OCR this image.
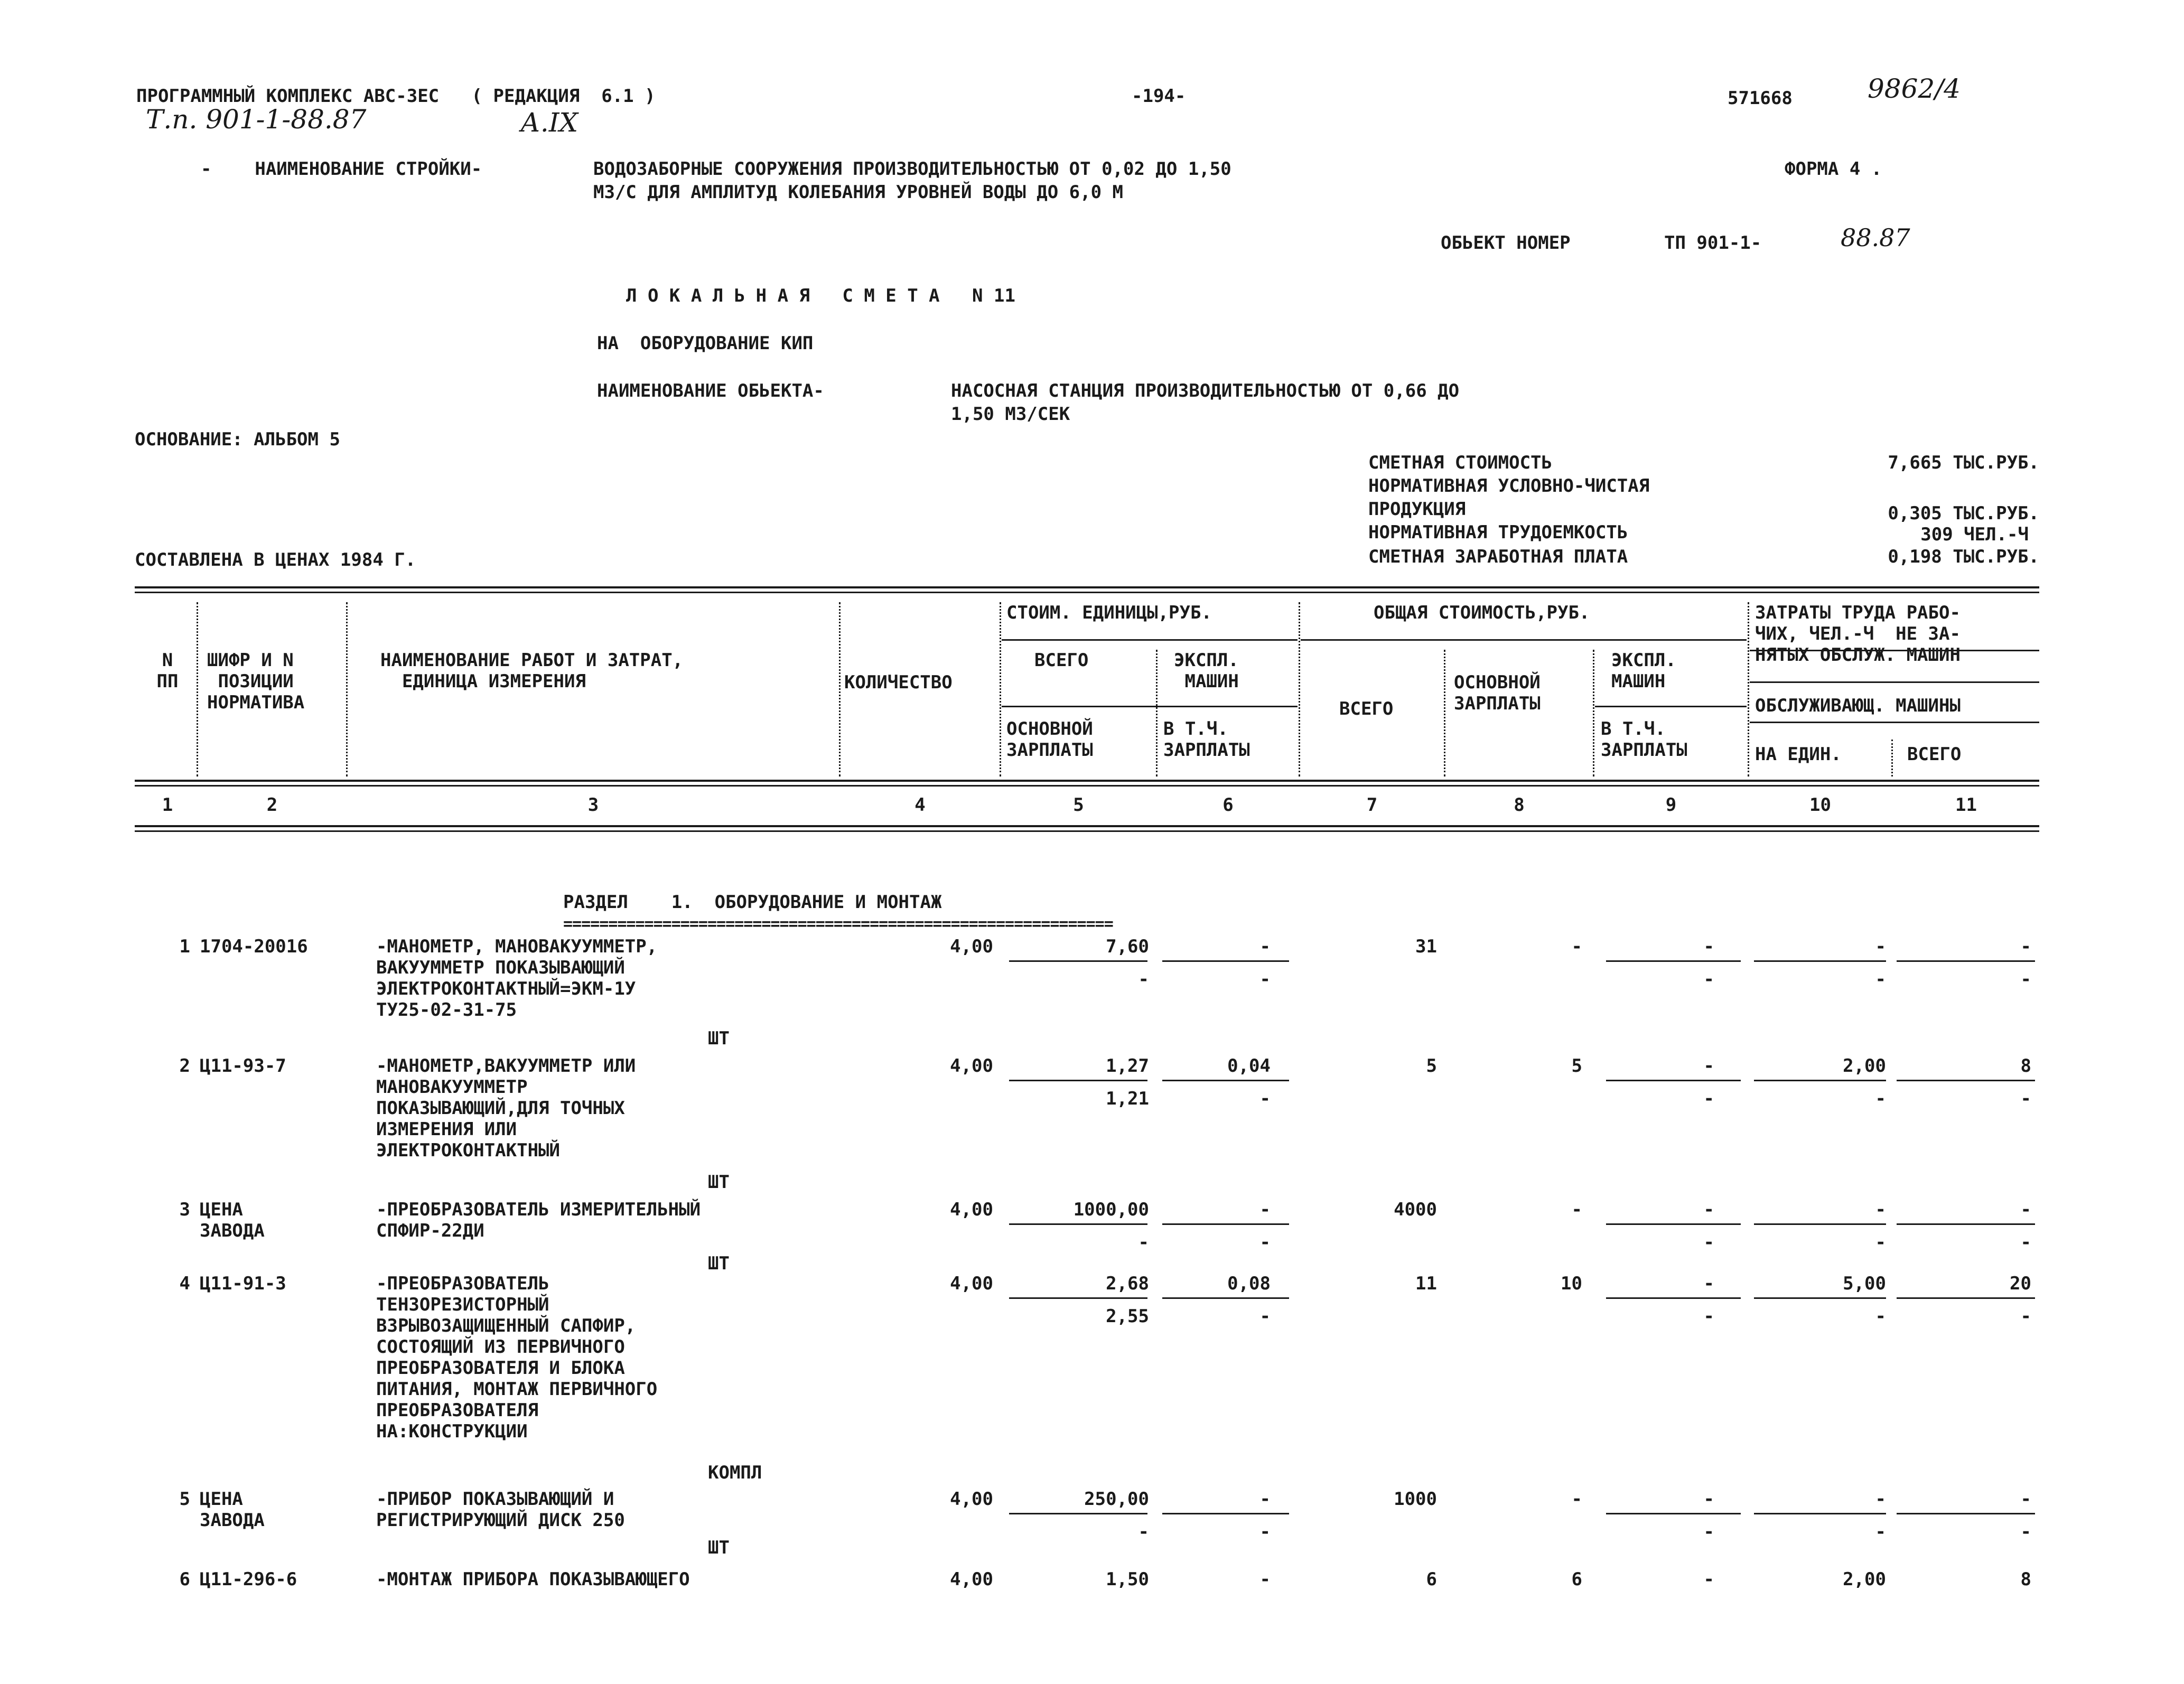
ПРОГРАММНЫЙ КОМПЛЕКС АВС-3ЕС   ( РЕДАКЦИЯ  6.1 )	-194-	571668	9862/4
Т.п. 901-1-88.87	А.IX
-    НАИМЕНОВАНИЕ СТРОЙКИ-	ВОДОЗАБОРНЫЕ СООРУЖЕНИЯ ПРОИЗВОДИТЕЛЬНОСТЬЮ ОТ 0,02 ДО 1,50
М3/С ДЛЯ АМПЛИТУД КОЛЕБАНИЯ УРОВНЕЙ ВОДЫ ДО 6,0 М
ФОРМА 4 .
ОБЬЕКТ НОМЕР	ТП 901-1-	88.87
Л О К А Л Ь Н А Я   С М Е Т А   N 11
НА  ОБОРУДОВАНИЕ КИП
НАИМЕНОВАНИЕ ОБЬЕКТА-	НАСОСНАЯ СТАНЦИЯ ПРОИЗВОДИТЕЛЬНОСТЬЮ ОТ 0,66 ДО
1,50 М3/СЕК
ОСНОВАНИЕ: АЛЬБОМ 5
СОСТАВЛЕНА В ЦЕНАХ 1984 Г.
СМЕТНАЯ СТОИМОСТЬ	7,665 ТЫС.РУБ.
НОРМАТИВНАЯ УСЛОВНО-ЧИСТАЯ
ПРОДУКЦИЯ	0,305 ТЫС.РУБ.
НОРМАТИВНАЯ ТРУДОЕМКОСТЬ	309 ЧЕЛ.-Ч
СМЕТНАЯ ЗАРАБОТНАЯ ПЛАТА	0,198 ТЫС.РУБ.
N
ПП
ШИФР И N
ПОЗИЦИИ
НОРМАТИВА
НАИМЕНОВАНИЕ РАБОТ И ЗАТРАТ,
ЕДИНИЦА ИЗМЕРЕНИЯ	КОЛИЧЕСТВО
СТОИМ. ЕДИНИЦЫ,РУБ.
ВСЕГО	ЭКСПЛ.
МАШИН
ОСНОВНОЙ
ЗАРПЛАТЫ
В Т.Ч.
ЗАРПЛАТЫ
ОБЩАЯ СТОИМОСТЬ,РУБ.
ВСЕГО
ОСНОВНОЙ
ЗАРПЛАТЫ
ЭКСПЛ.
МАШИН
В Т.Ч.
ЗАРПЛАТЫ
ЗАТРАТЫ ТРУДА РАБО-
ЧИХ, ЧЕЛ.-Ч  НЕ ЗА-
НЯТЫХ ОБСЛУЖ. МАШИН
ОБСЛУЖИВАЮЩ. МАШИНЫ
НА ЕДИН.	ВСЕГО
1	2	3	4	5	6	7	8	9	10	11
РАЗДЕЛ    1.  ОБОРУДОВАНИЕ И МОНТАЖ
=============================================================
1 1704-20016	-МАНОМЕТР, МАНОВАКУУММЕТР,
ВАКУУММЕТР ПОКАЗЫВАЮЩИЙ
ЭЛЕКТРОКОНТАКТНЫЙ=ЭКМ-1У
ТУ25-02-31-75
ШТ
4,00	7,60	-	31	-	-	-	-
-	-	-	-	-
2 Ц11-93-7	-МАНОМЕТР,ВАКУУММЕТР ИЛИ
МАНОВАКУУММЕТР
ПОКАЗЫВАЮЩИЙ,ДЛЯ ТОЧНЫХ
ИЗМЕРЕНИЯ ИЛИ
ЭЛЕКТРОКОНТАКТНЫЙ
ШТ
4,00	1,27	0,04	5	5	-	2,00	8
1,21	-	-	-	-
3 ЦЕНА
ЗАВОДА
-ПРЕОБРАЗОВАТЕЛЬ ИЗМЕРИТЕЛЬНЫЙ
СПФИР-22ДИ
ШТ
4,00	1000,00	-	4000	-	-	-	-
-	-	-	-	-
4 Ц11-91-3	-ПРЕОБРАЗОВАТЕЛЬ
ТЕНЗОРЕЗИСТОРНЫЙ
ВЗРЫВОЗАЩИЩЕННЫЙ САПФИР,
СОСТОЯЩИЙ ИЗ ПЕРВИЧНОГО
ПРЕОБРАЗОВАТЕЛЯ И БЛОКА
ПИТАНИЯ, МОНТАЖ ПЕРВИЧНОГО
ПРЕОБРАЗОВАТЕЛЯ
НА:КОНСТРУКЦИИ
КОМПЛ
4,00	2,68	0,08	11	10	-	5,00	20
2,55	-	-	-	-
5 ЦЕНА
ЗАВОДА
-ПРИБОР ПОКАЗЫВАЮЩИЙ И
РЕГИСТРИРУЮЩИЙ ДИСК 250
ШТ
4,00	250,00	-	1000	-	-	-	-
-	-	-	-	-
6 Ц11-296-6	-МОНТАЖ ПРИБОРА ПОКАЗЫВАЮЩЕГО	4,00	1,50	-	6	6	-	2,00	8
